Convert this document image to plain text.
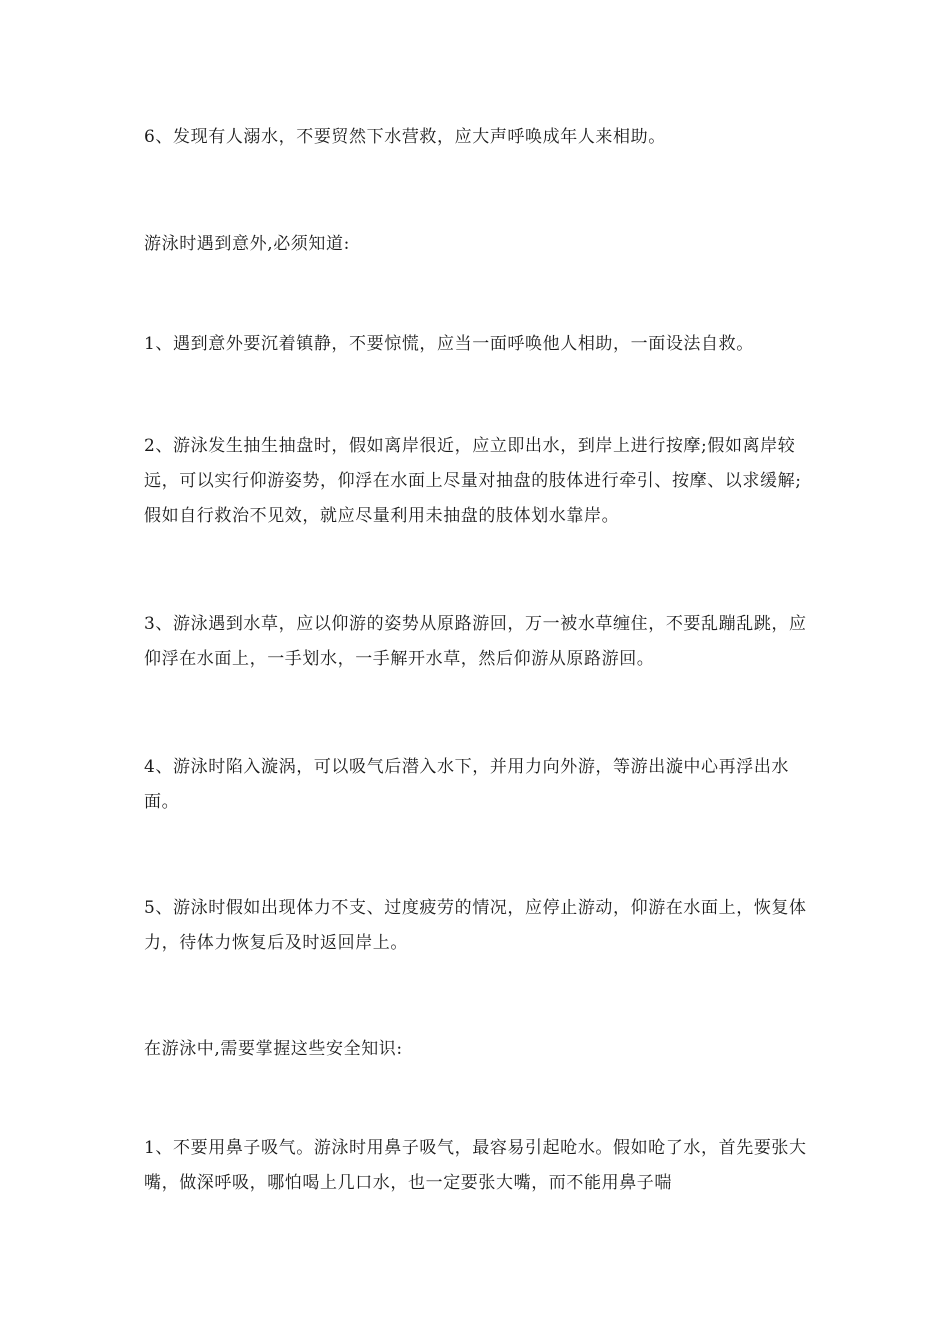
6、发现有人溺水，不要贸然下水营救，应大声呼唤成年人来相助。

游泳时遇到意外,必须知道:

1、遇到意外要沉着镇静，不要惊慌，应当一面呼唤他人相助，一面设法自救。

2、游泳发生抽生抽盘时，假如离岸很近，应立即出水，到岸上进行按摩;假如离岸较远，可以实行仰游姿势，仰浮在水面上尽量对抽盘的肢体进行牵引、按摩、以求缓解;假如自行救治不见效，就应尽量利用未抽盘的肢体划水靠岸。

3、游泳遇到水草，应以仰游的姿势从原路游回，万一被水草缠住，不要乱蹦乱跳，应仰浮在水面上，一手划水，一手解开水草，然后仰游从原路游回。

4、游泳时陷入漩涡，可以吸气后潜入水下，并用力向外游，等游出漩中心再浮出水面。

5、游泳时假如出现体力不支、过度疲劳的情况，应停止游动，仰游在水面上，恢复体力，待体力恢复后及时返回岸上。

在游泳中,需要掌握这些安全知识:

1、不要用鼻子吸气。游泳时用鼻子吸气，最容易引起呛水。假如呛了水，首先要张大嘴，做深呼吸，哪怕喝上几口水，也一定要张大嘴，而不能用鼻子喘
